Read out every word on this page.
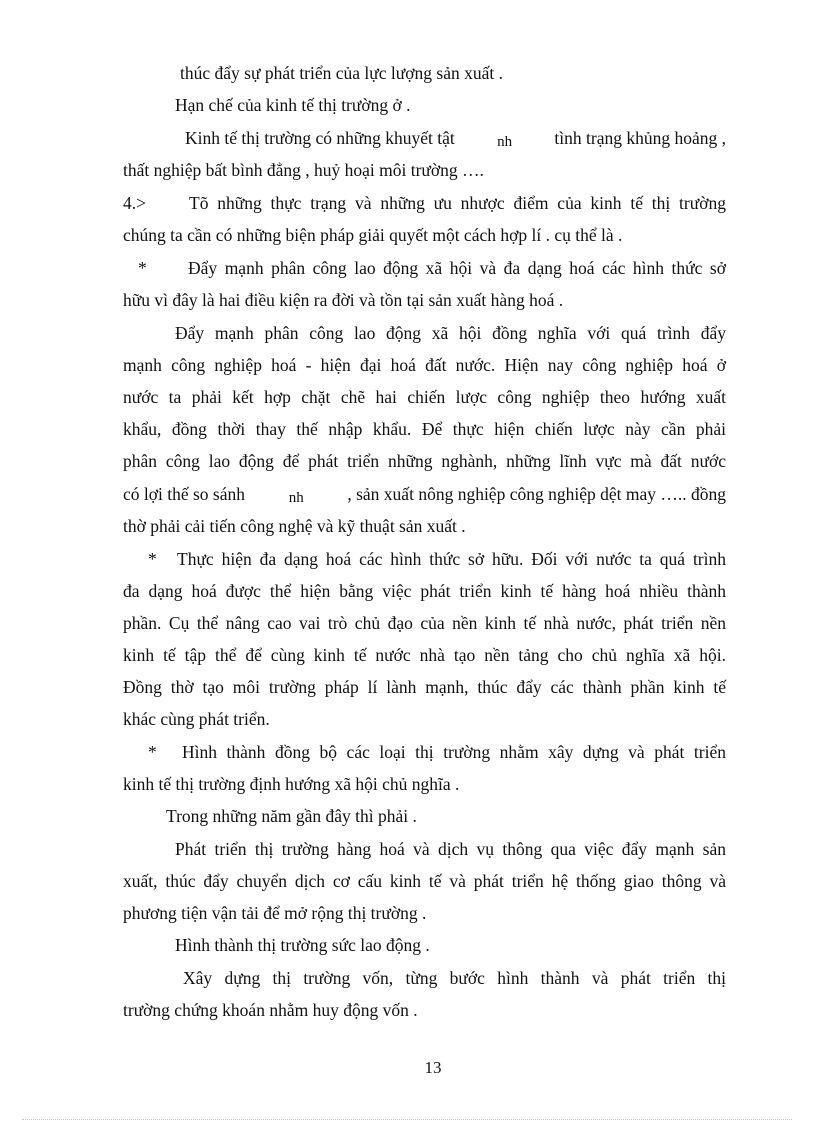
thúc đẩy sự phát triển của lực lượng sản xuất .
Hạn chế của kinh tế thị trường ở .
Kinh tế thị trường có những khuyết tật	nh tình trạng khủng hoảng ,
thất nghiệp bất bình đẳng , huỷ hoại môi trường ….
4.> Tõ những thực trạng và những ưu nhược điểm của kinh tế thị trường
chúng ta cần có những biện pháp giải quyết một cách hợp lí . cụ thể là .
* Đẩy mạnh phân công lao động xã hội và đa dạng hoá các hình thức sở
hữu vì đây là hai điều kiện ra đời và tồn tại sản xuất hàng hoá .
Đẩy mạnh phân công lao động xã hội đồng nghĩa với quá trình đẩy
mạnh công nghiệp hoá - hiện đại hoá đất nước. Hiện nay công nghiệp hoá ở
nước ta phải kết hợp chặt chẽ hai chiến lược công nghiệp theo hướng xuất
khẩu, đồng thời thay thế nhập khẩu. Để thực hiện chiến lược này cần phải
phân công lao động để phát triển những nghành, những lĩnh vực mà đất nước
có lợi thế so sánh	nh , sản xuất nông nghiệp công nghiệp dệt may ….. đồng
thờ phải cải tiến công nghệ và kỹ thuật sản xuất .
* Thực hiện đa dạng hoá các hình thức sở hữu. Đối với nước ta quá trình
đa dạng hoá được thể hiện bằng việc phát triển kinh tế hàng hoá nhiều thành
phần. Cụ thể nâng cao vai trò chủ đạo của nền kinh tế nhà nước, phát triển nền
kinh tế tập thể để cùng kinh tế nước nhà tạo nền tảng cho chủ nghĩa xã hội.
Đồng thờ tạo môi trường pháp lí lành mạnh, thúc đẩy các thành phần kinh tế
khác cùng phát triển.
* Hình thành đồng bộ các loại thị trường nhằm xây dựng và phát triển
kinh tế thị trường định hướng xã hội chủ nghĩa .
Trong những năm gần đây thì phải .
Phát triển thị trường hàng hoá và dịch vụ thông qua việc đẩy mạnh sản
xuất, thúc đẩy chuyển dịch cơ cấu kinh tế và phát triển hệ thống giao thông và
phương tiện vận tải để mở rộng thị trường .
Hình thành thị trường sức lao động .
Xây dựng thị trường vốn, từng bước hình thành và phát triển thị
trường chứng khoán nhằm huy động vốn .
13
